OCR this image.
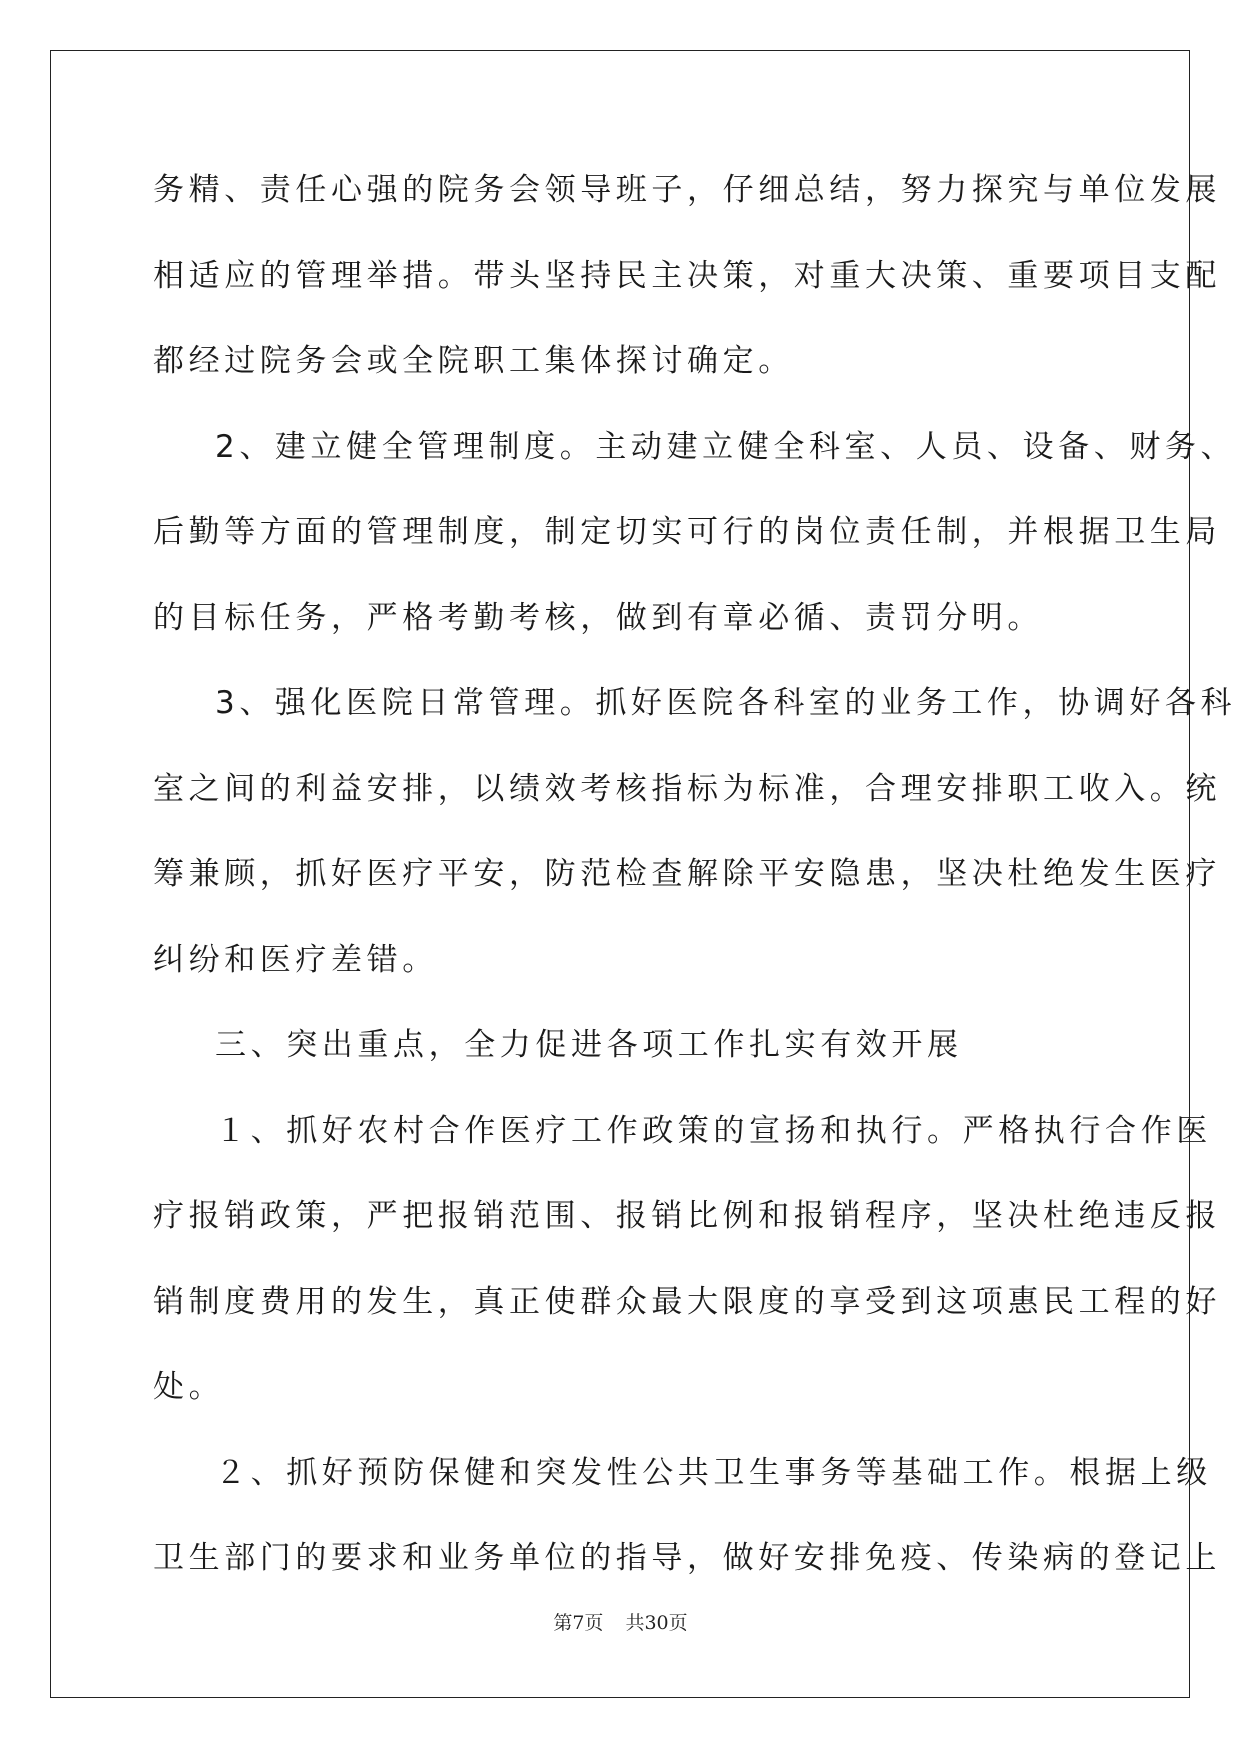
务精、责任心强的院务会领导班子，仔细总结，努力探究与单位发展
相适应的管理举措。带头坚持民主决策，对重大决策、重要项目支配
都经过院务会或全院职工集体探讨确定。
2、建立健全管理制度。主动建立健全科室、人员、设备、财务、
后勤等方面的管理制度，制定切实可行的岗位责任制，并根据卫生局
的目标任务，严格考勤考核，做到有章必循、责罚分明。
3、强化医院日常管理。抓好医院各科室的业务工作，协调好各科
室之间的利益安排，以绩效考核指标为标准，合理安排职工收入。统
筹兼顾，抓好医疗平安，防范检查解除平安隐患，坚决杜绝发生医疗
纠纷和医疗差错。
三、突出重点，全力促进各项工作扎实有效开展
１、抓好农村合作医疗工作政策的宣扬和执行。严格执行合作医
疗报销政策，严把报销范围、报销比例和报销程序，坚决杜绝违反报
销制度费用的发生，真正使群众最大限度的享受到这项惠民工程的好
处。
２、抓好预防保健和突发性公共卫生事务等基础工作。根据上级
卫生部门的要求和业务单位的指导，做好安排免疫、传染病的登记上
第7页 共30页
